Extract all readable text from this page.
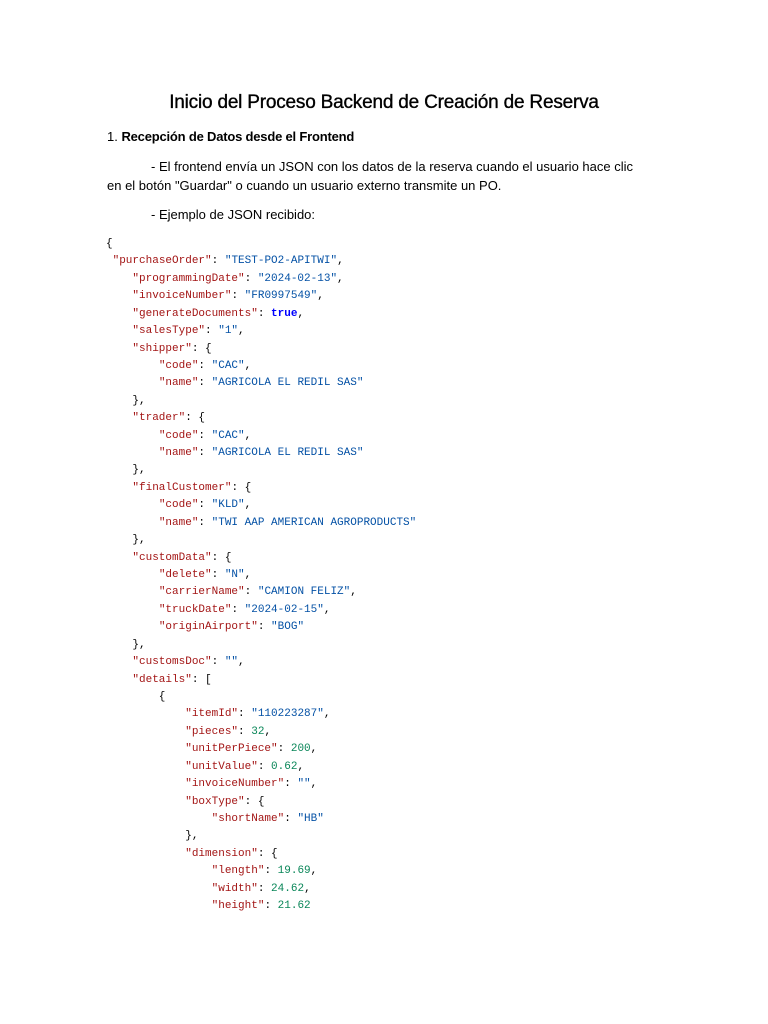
Inicio del Proceso Backend de Creación de Reserva

1. Recepción de Datos desde el Frontend

- El frontend envía un JSON con los datos de la reserva cuando el usuario hace clic en el botón "Guardar" o cuando un usuario externo transmite un PO.

- Ejemplo de JSON recibido:

{
"purchaseOrder": "TEST-PO2-APITWI",
"programmingDate": "2024-02-13",
"invoiceNumber": "FR0997549",
"generateDocuments": true,
"salesType": "1",
"shipper": {
"code": "CAC",
"name": "AGRICOLA EL REDIL SAS"
},
"trader": {
"code": "CAC",
"name": "AGRICOLA EL REDIL SAS"
},
"finalCustomer": {
"code": "KLD",
"name": "TWI AAP AMERICAN AGROPRODUCTS"
},
"customData": {
"delete": "N",
"carrierName": "CAMION FELIZ",
"truckDate": "2024-02-15",
"originAirport": "BOG"
},
"customsDoc": "",
"details": [
{
"itemId": "110223287",
"pieces": 32,
"unitPerPiece": 200,
"unitValue": 0.62,
"invoiceNumber": "",
"boxType": {
"shortName": "HB"
},
"dimension": {
"length": 19.69,
"width": 24.62,
"height": 21.62
